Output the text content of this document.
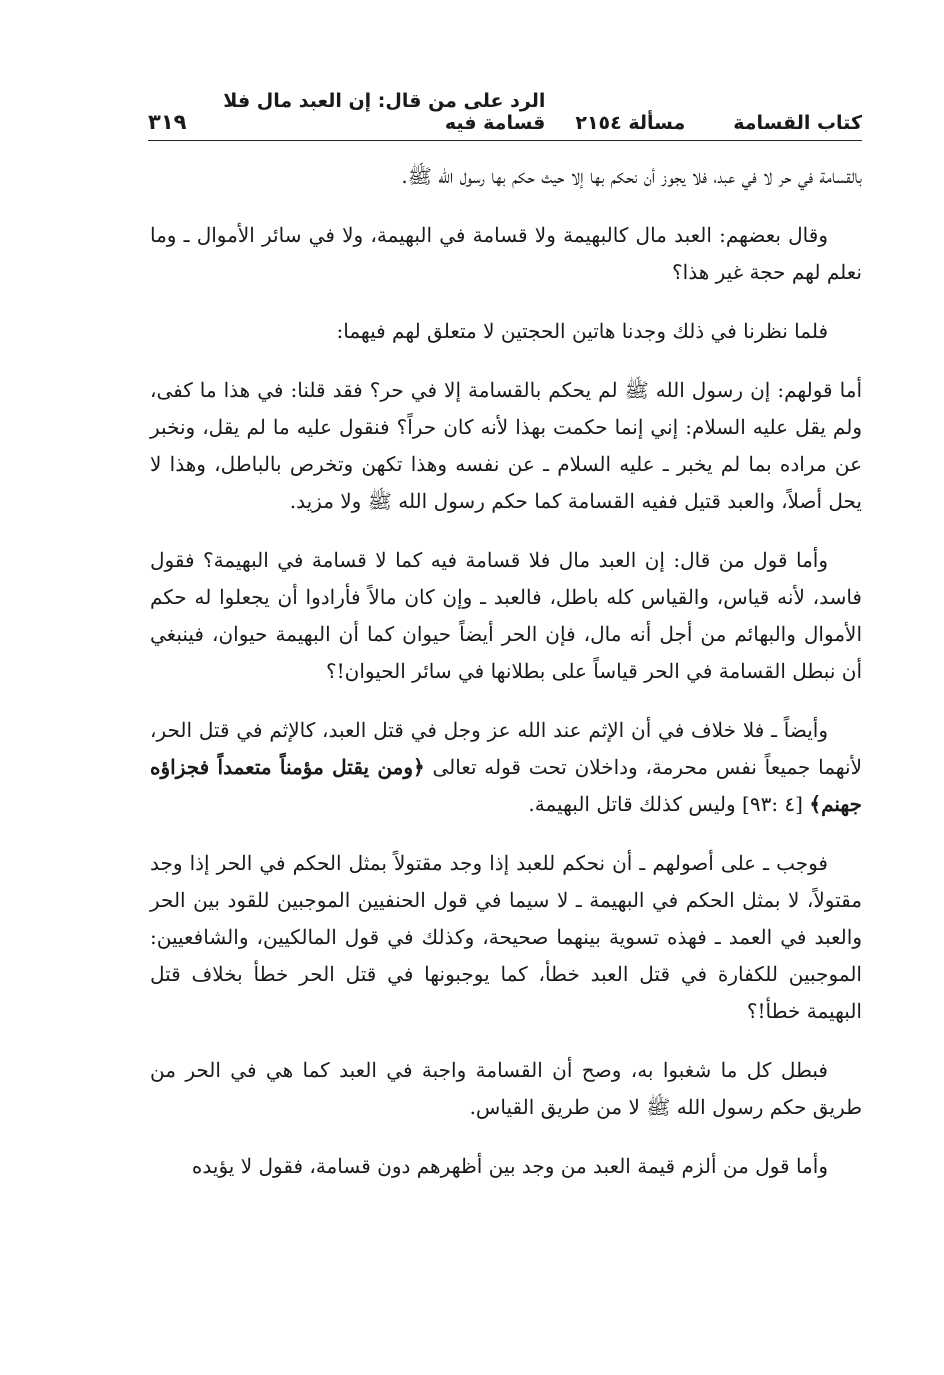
كتاب القسامة
مسألة ٢١٥٤
الرد على من قال: إن العبد مال فلا قسامة فيه
٣١٩

بالقسامة في حر لا في عبد، فلا يجوز أن نحكم بها إلا حيث حكم بها رسول الله ﷺ.

وقال بعضهم: العبد مال كالبهيمة ولا قسامة في البهيمة، ولا في سائر الأموال ـ وما نعلم لهم حجة غير هذا؟

فلما نظرنا في ذلك وجدنا هاتين الحجتين لا متعلق لهم فيهما:

أما قولهم: إن رسول الله ﷺ لم يحكم بالقسامة إلا في حر؟ فقد قلنا: في هذا ما كفى، ولم يقل عليه السلام: إني إنما حكمت بهذا لأنه كان حراً؟ فنقول عليه ما لم يقل، ونخبر عن مراده بما لم يخبر ـ عليه السلام ـ عن نفسه وهذا تكهن وتخرص بالباطل، وهذا لا يحل أصلاً، والعبد قتيل ففيه القسامة كما حكم رسول الله ﷺ ولا مزيد.

وأما قول من قال: إن العبد مال فلا قسامة فيه كما لا قسامة في البهيمة؟ فقول فاسد، لأنه قياس، والقياس كله باطل، فالعبد ـ وإن كان مالاً فأرادوا أن يجعلوا له حكم الأموال والبهائم من أجل أنه مال، فإن الحر أيضاً حيوان كما أن البهيمة حيوان، فينبغي أن نبطل القسامة في الحر قياساً على بطلانها في سائر الحيوان!؟

وأيضاً ـ فلا خلاف في أن الإثم عند الله عز وجل في قتل العبد، كالإثم في قتل الحر، لأنهما جميعاً نفس محرمة، وداخلان تحت قوله تعالى ﴿ومن يقتل مؤمناً متعمداً فجزاؤه جهنم﴾ [٤ :٩٣] وليس كذلك قاتل البهيمة.

فوجب ـ على أصولهم ـ أن نحكم للعبد إذا وجد مقتولاً بمثل الحكم في الحر إذا وجد مقتولاً، لا بمثل الحكم في البهيمة ـ لا سيما في قول الحنفيين الموجبين للقود بين الحر والعبد في العمد ـ فهذه تسوية بينهما صحيحة، وكذلك في قول المالكيين، والشافعيين: الموجبين للكفارة في قتل العبد خطأ، كما يوجبونها في قتل الحر خطأ بخلاف قتل البهيمة خطأ!؟

فبطل كل ما شغبوا به، وصح أن القسامة واجبة في العبد كما هي في الحر من طريق حكم رسول الله ﷺ لا من طريق القياس.

وأما قول من ألزم قيمة العبد من وجد بين أظهرهم دون قسامة، فقول لا يؤيده
